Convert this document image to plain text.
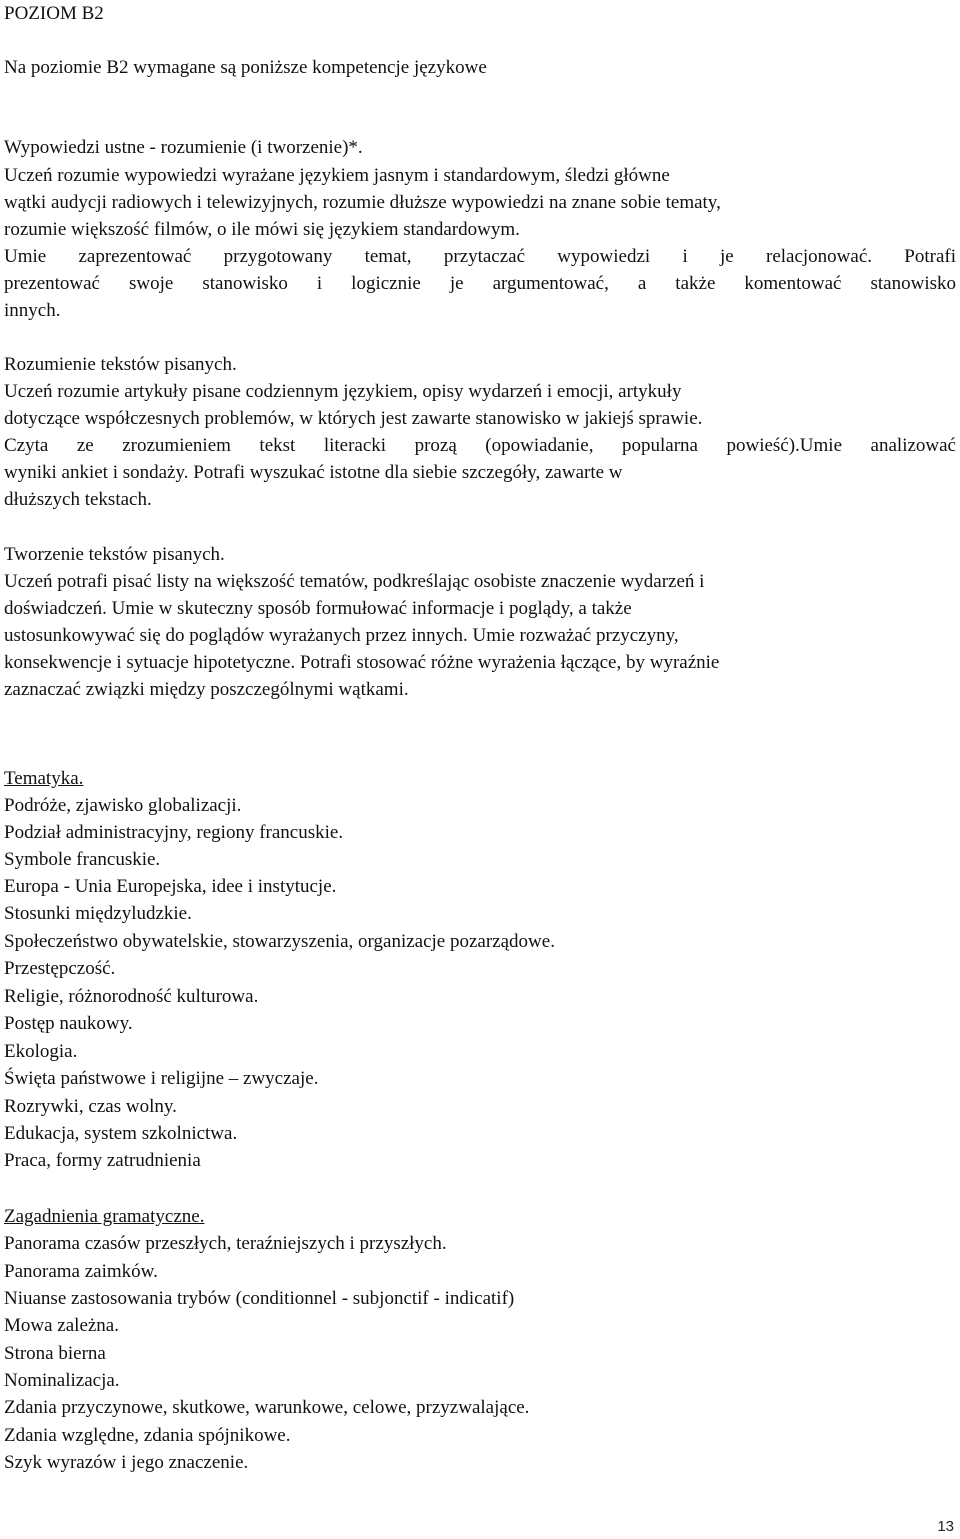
POZIOM B2
Na poziomie B2 wymagane są poniższe kompetencje językowe
Wypowiedzi ustne - rozumienie (i tworzenie)*.
Uczeń rozumie wypowiedzi wyrażane językiem jasnym i standardowym, śledzi główne
wątki audycji radiowych i telewizyjnych, rozumie dłuższe wypowiedzi na znane sobie tematy,
rozumie większość filmów, o ile mówi się językiem standardowym.
Umie zaprezentować przygotowany temat, przytaczać wypowiedzi i je relacjonować. Potrafi
prezentować swoje stanowisko i logicznie je argumentować, a także komentować stanowisko
innych.
Rozumienie tekstów pisanych.
Uczeń rozumie artykuły pisane codziennym językiem, opisy wydarzeń i emocji, artykuły
dotyczące współczesnych problemów, w których jest zawarte stanowisko w jakiejś sprawie.
Czyta ze zrozumieniem tekst literacki prozą (opowiadanie, popularna powieść).Umie analizować
wyniki ankiet i sondaży. Potrafi wyszukać istotne dla siebie szczegóły, zawarte w
dłuższych tekstach.
Tworzenie tekstów pisanych.
Uczeń potrafi pisać listy na większość tematów, podkreślając osobiste znaczenie wydarzeń i
doświadczeń. Umie w skuteczny sposób formułować informacje i poglądy, a także
ustosunkowywać się do poglądów wyrażanych przez innych. Umie rozważać przyczyny,
konsekwencje i sytuacje hipotetyczne. Potrafi stosować różne wyrażenia łączące, by wyraźnie
zaznaczać związki między poszczególnymi wątkami.
Tematyka.
Podróże, zjawisko globalizacji.
Podział administracyjny, regiony francuskie.
Symbole francuskie.
Europa - Unia Europejska, idee i instytucje.
Stosunki międzyludzkie.
Społeczeństwo obywatelskie, stowarzyszenia, organizacje pozarządowe.
Przestępczość.
Religie, różnorodność kulturowa.
Postęp naukowy.
Ekologia.
Święta państwowe i religijne – zwyczaje.
Rozrywki, czas wolny.
Edukacja, system szkolnictwa.
Praca, formy zatrudnienia
Zagadnienia gramatyczne.
Panorama czasów przeszłych, teraźniejszych i przyszłych.
Panorama zaimków.
Niuanse zastosowania trybów (conditionnel - subjonctif - indicatif)
Mowa zależna.
Strona bierna
Nominalizacja.
Zdania przyczynowe, skutkowe, warunkowe, celowe, przyzwalające.
Zdania względne, zdania spójnikowe.
Szyk wyrazów i jego znaczenie.
13
